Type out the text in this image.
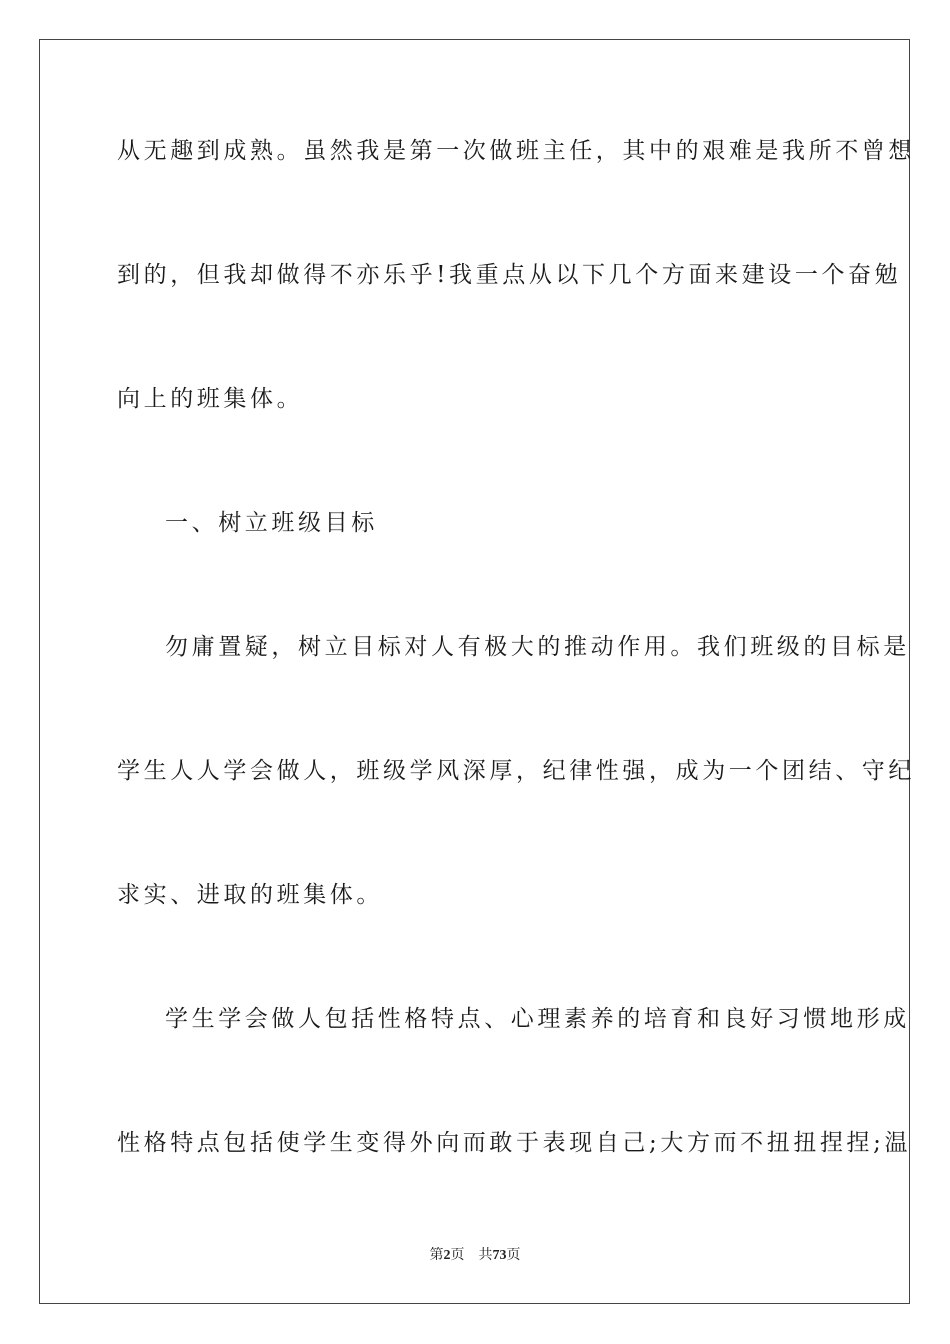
从无趣到成熟。虽然我是第一次做班主任，其中的艰难是我所不曾想
到的，但我却做得不亦乐乎!我重点从以下几个方面来建设一个奋勉
向上的班集体。
一、树立班级目标
勿庸置疑，树立目标对人有极大的推动作用。我们班级的目标是
学生人人学会做人，班级学风深厚，纪律性强，成为一个团结、守纪
求实、进取的班集体。
学生学会做人包括性格特点、心理素养的培育和良好习惯地形成
性格特点包括使学生变得外向而敢于表现自己;大方而不扭扭捏捏;温
第2页 共73页
